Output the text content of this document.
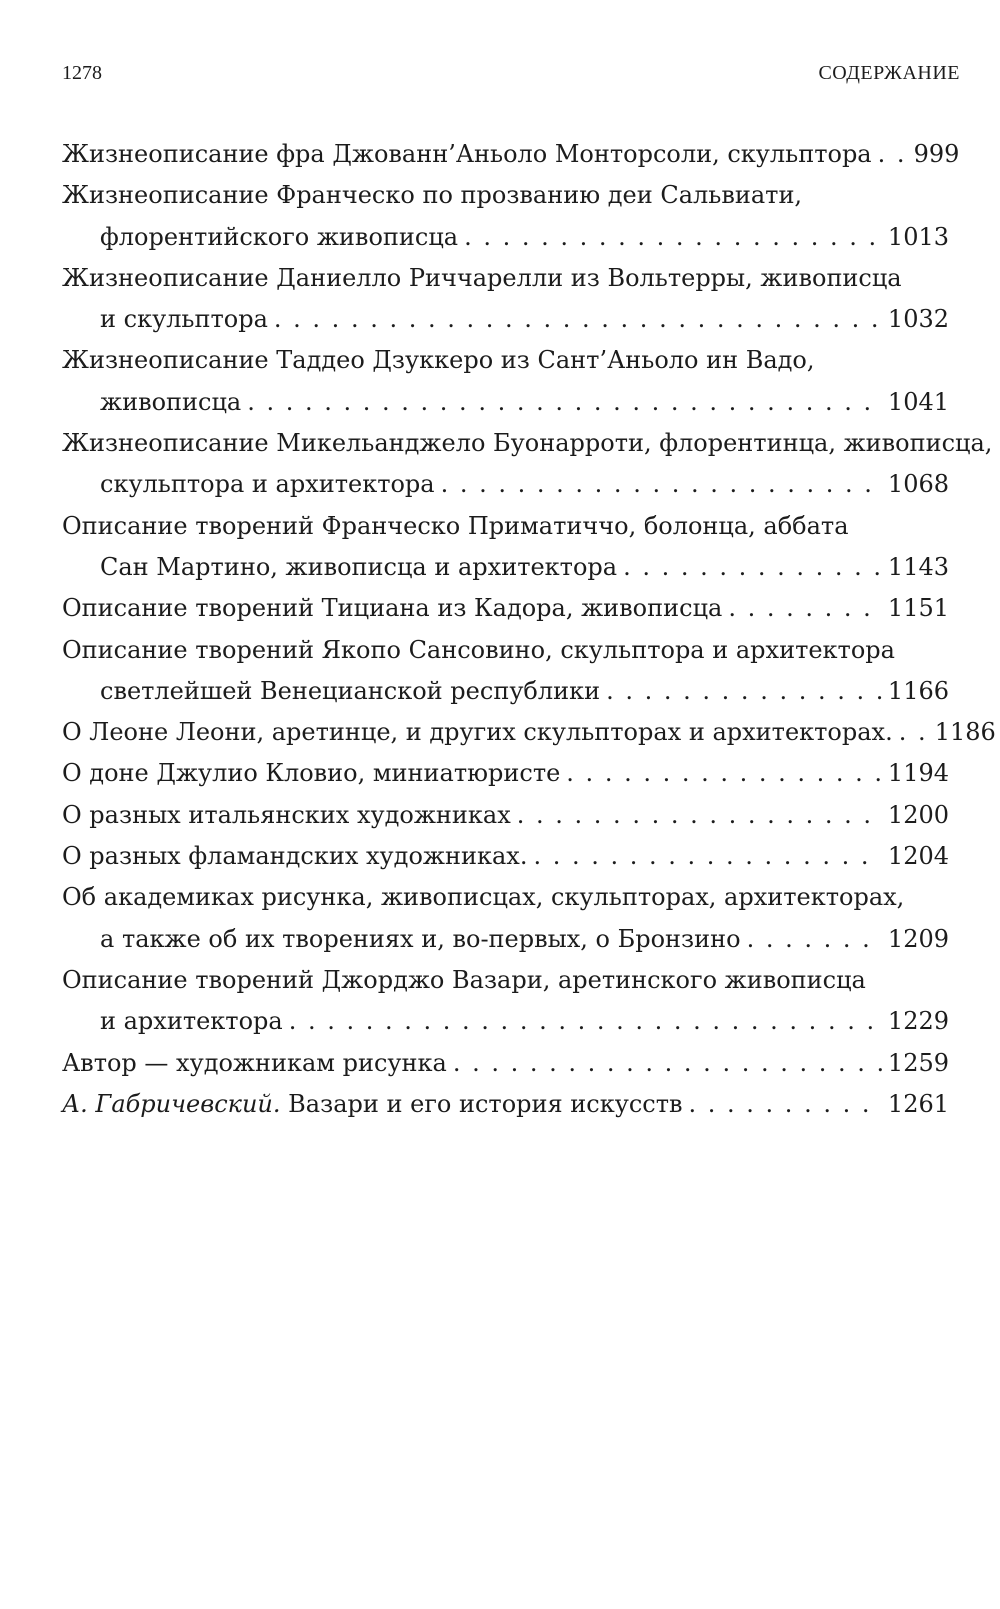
1278	СОДЕРЖАНИЕ
Жизнеописание фра Джованн’Аньоло Монторсоли, скульптора . . . 999
Жизнеописание Франческо по прозванию деи Сальвиати,
флорентийского живописца . . .	1013
Жизнеописание Даниелло Риччарелли из Вольтерры, живописца
и скульптора . . .	1032
Жизнеописание Таддео Дзуккеро из Сант’Аньоло ин Вадо,
живописца . . .	1041
Жизнеописание Микельанджело Буонарроти, флорентинца, живописца,
скульптора и архитектора . . .	1068
Описание творений Франческо Приматиччо, болонца, аббата
Сан Мартино, живописца и архитектора . . .	1143
Описание творений Тициана из Кадора, живописца . . .	1151
Описание творений Якопо Сансовино, скульптора и архитектора
светлейшей Венецианской республики . . .	1166
О Леоне Леони, аретинце, и других скульпторах и архитекторах. . . . 1186
О доне Джулио Кловио, миниатюристе . . .	1194
О разных итальянских художниках . . .	1200
О разных фламандских художниках. . . .	1204
Об академиках рисунка, живописцах, скульпторах, архитекторах,
а также об их творениях и, во-первых, о Бронзино . . .	1209
Описание творений Джорджо Вазари, аретинского живописца
и архитектора . . .	1229
Автор — художникам рисунка . . .	1259
А. Габричевский. Вазари и его история искусств . . .	1261
